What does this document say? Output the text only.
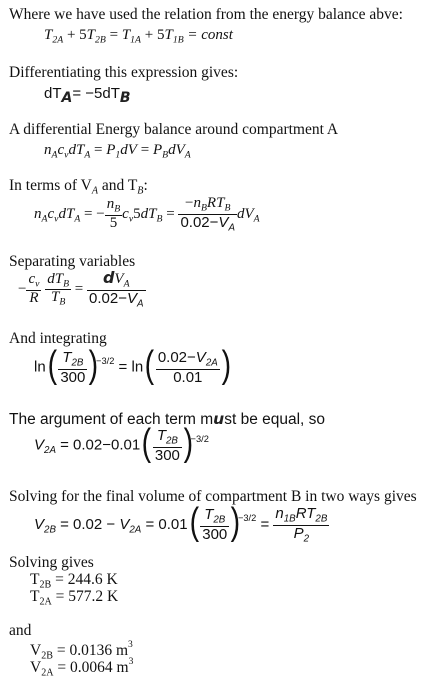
Where we have used the relation from the energy balance abve:
$T_{2A} + 5T_{2B} = T_{1A} + 5T_{1B}$ = const
Differentiating this expression gives:
dTA= −5dTB
A differential Energy balance around compartment A
$n_Ac_vdT_A = P_1dV = P_BdV_A$
In terms of $V_A$ and $T_B$:
$n_Ac_vdT_A$ = − $\frac{n_B}{5} c_v5dT_B = \frac{-n_BRT_B}{0.02-V_A} dV_A$
Separating variables
− $\frac{c_v}{R}$
$\frac{dT_B}{T_B} = \frac{dV_A}{0.02-V_A}$
And integrating
$\ln( \frac{T_{2B}}{300} )^{-3/2} = \ln( \frac{0.02-V_{2A}}{0.01}$ )
The argument of each term must be equal, so
$V_{2A} = 0.02-0.01( \frac{T_{2B}}{300} )^{-3/2}$
Solving for the final volume of compartment B in two ways gives
$V_{2B} = 0.02 - V_{2A} = 0.01( \frac{T_{2B}}{300} )^{-3/2} = \frac{n_{1B}RT_{2B}}{P_2}$
Solving gives
$T_{2B} = 244.6$ K
$T_{2A} = 577.2$ K
and
$V_{2B} = 0.0136$ $m^3$
$V_{2A} = 0.0064$ $m^3$
